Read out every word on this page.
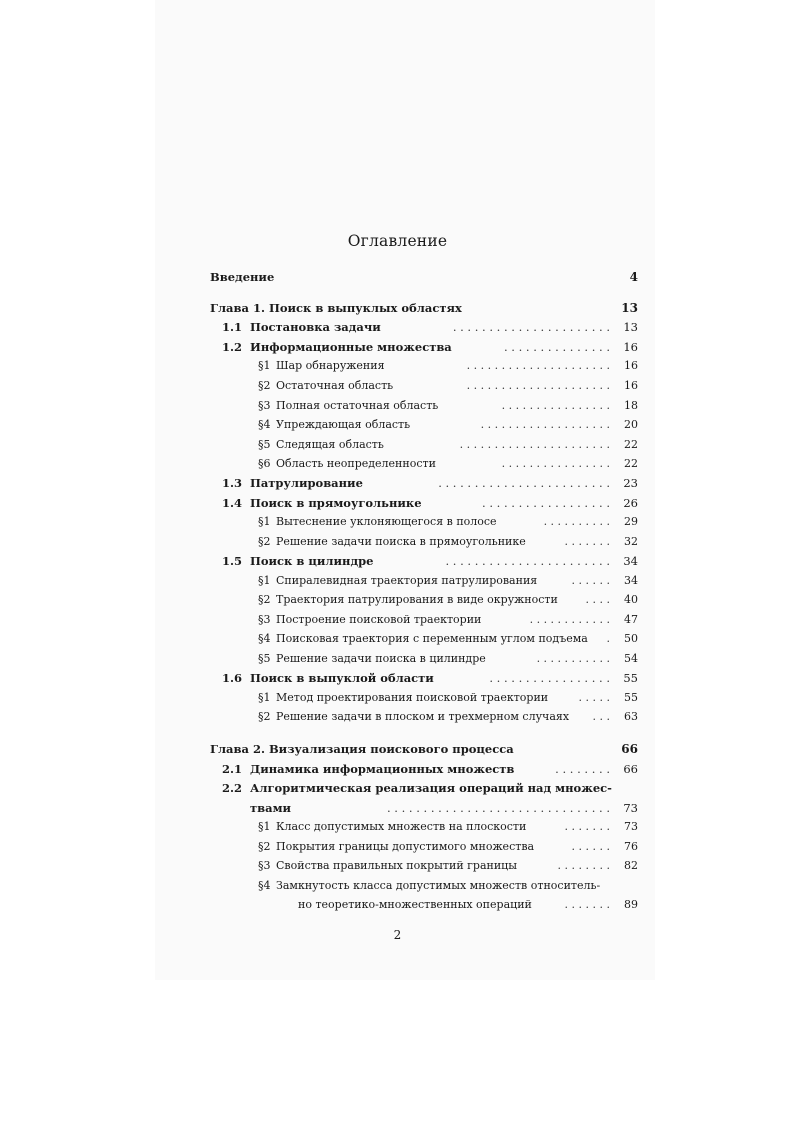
Оглавление
Введение	4
Глава 1. Поиск в выпуклых областях	13
1.1 Постановка задачи	13
. . . . . . . . . . . . . . . . . . . . . .
1.2 Информационные множества	16
. . . . . . . . . . . . . . .
§1 Шар обнаружения	16
. . . . . . . . . . . . . . . . . . . . .
§2 Остаточная область	16
. . . . . . . . . . . . . . . . . . . . .
§3 Полная остаточная область	18
. . . . . . . . . . . . . . . .
§4 Упреждающая область	20
. . . . . . . . . . . . . . . . . . .
§5 Следящая область	22
. . . . . . . . . . . . . . . . . . . . . .
§6 Область неопределенности	22
. . . . . . . . . . . . . . . .
1.3 Патрулирование	23
. . . . . . . . . . . . . . . . . . . . . . . .
1.4 Поиск в прямоугольнике	26
. . . . . . . . . . . . . . . . . .
§1 Вытеснение уклоняющегося в полосе	29
. . . . . . . . . .
§2 Решение задачи поиска в прямоугольнике	32
. . . . . . .
1.5 Поиск в цилиндре	34
. . . . . . . . . . . . . . . . . . . . . . .
§1 Спиралевидная траектория патрулирования	34
. . . . . .
§2 Траектория патрулирования в виде окружности	40
. . . .
§3 Построение поисковой траектории	47
. . . . . . . . . . . .
§4 Поисковая траектория с переменным углом подъема	50
.
§5 Решение задачи поиска в цилиндре	54
. . . . . . . . . . .
1.6 Поиск в выпуклой области	55
. . . . . . . . . . . . . . . . .
§1 Метод проектирования поисковой траектории	55
. . . . .
§2 Решение задачи в плоском и трехмерном случаях	63
. . .
Глава 2. Визуализация поискового процесса	66
2.1 Динамика информационных множеств	66
. . . . . . . .
2.2 Алгоритмическая реализация операций над множес-
твами	73
. . . . . . . . . . . . . . . . . . . . . . . . . . . . . . .
§1 Класс допустимых множеств на плоскости	73
. . . . . . .
§2 Покрытия границы допустимого множества	76
. . . . . .
§3 Свойства правильных покрытий границы	82
. . . . . . . .
§4 Замкнутость класса допустимых множеств относитель-
но теоретико-множественных операций	89
. . . . . . .
2
